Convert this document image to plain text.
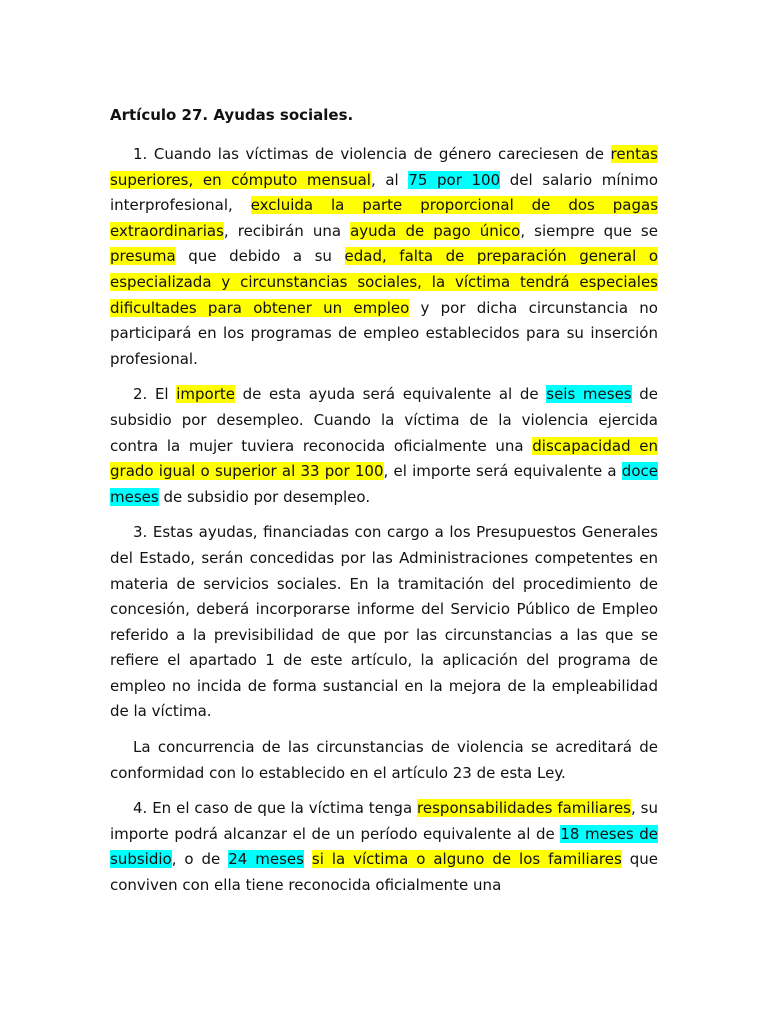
Artículo 27. Ayudas sociales.

1. Cuando las víctimas de violencia de género careciesen de rentas superiores, en cómputo mensual, al 75 por 100 del salario mínimo interprofesional, excluida la parte proporcional de dos pagas extraordinarias, recibirán una ayuda de pago único, siempre que se presuma que debido a su edad, falta de preparación general o especializada y circunstancias sociales, la víctima tendrá especiales dificultades para obtener un empleo y por dicha circunstancia no participará en los programas de empleo establecidos para su inserción profesional.

2. El importe de esta ayuda será equivalente al de seis meses de subsidio por desempleo. Cuando la víctima de la violencia ejercida contra la mujer tuviera reconocida oficialmente una discapacidad en grado igual o superior al 33 por 100, el importe será equivalente a doce meses de subsidio por desempleo.

3. Estas ayudas, financiadas con cargo a los Presupuestos Generales del Estado, serán concedidas por las Administraciones competentes en materia de servicios sociales. En la tramitación del procedimiento de concesión, deberá incorporarse informe del Servicio Público de Empleo referido a la previsibilidad de que por las circunstancias a las que se refiere el apartado 1 de este artículo, la aplicación del programa de empleo no incida de forma sustancial en la mejora de la empleabilidad de la víctima.

La concurrencia de las circunstancias de violencia se acreditará de conformidad con lo establecido en el artículo 23 de esta Ley.

4. En el caso de que la víctima tenga responsabilidades familiares, su importe podrá alcanzar el de un período equivalente al de 18 meses de subsidio, o de 24 meses si la víctima o alguno de los familiares que conviven con ella tiene reconocida oficialmente una
